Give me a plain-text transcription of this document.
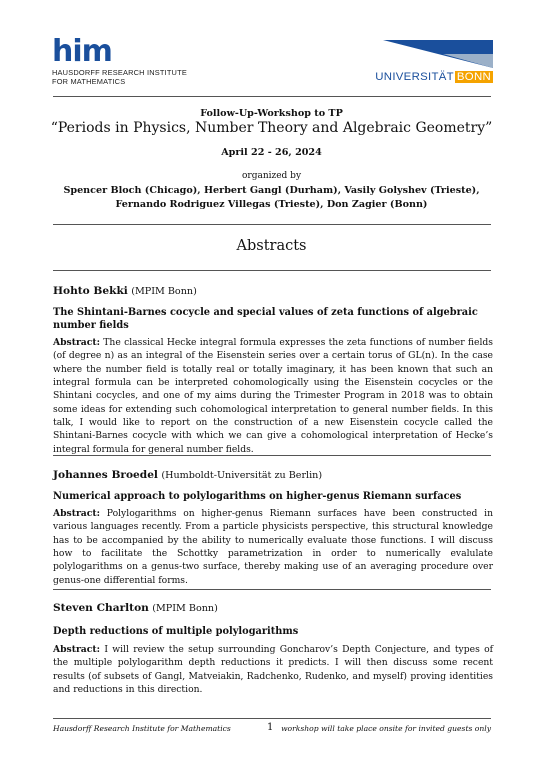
him
HAUSDORFF RESEARCH INSTITUTE
FOR MATHEMATICS	UNIVERSITÄT BONN
Follow-Up-Workshop to TP
“Periods in Physics, Number Theory and Algebraic Geometry”
April 22 - 26, 2024
organized by
Spencer Bloch (Chicago), Herbert Gangl (Durham), Vasily Golyshev (Trieste),
Fernando Rodriguez Villegas (Trieste), Don Zagier (Bonn)
Abstracts
Hohto Bekki (MPIM Bonn)
The Shintani-Barnes cocycle and special values of zeta functions of algebraic number fields
Abstract: The classical Hecke integral formula expresses the zeta functions of number fields (of degree n) as an integral of the Eisenstein series over a certain torus of GL(n). In the case where the number field is totally real or totally imaginary, it has been known that such an integral formula can be interpreted cohomologically using the Eisenstein cocycles or the Shintani cocycles, and one of my aims during the Trimester Program in 2018 was to obtain some ideas for extending such cohomological interpretation to general number fields. In this talk, I would like to report on the construction of a new Eisenstein cocycle called the Shintani-Barnes cocycle with which we can give a cohomological interpretation of Hecke’s integral formula for general number fields.
Johannes Broedel (Humboldt-Universität zu Berlin)
Numerical approach to polylogarithms on higher-genus Riemann surfaces
Abstract: Polylogarithms on higher-genus Riemann surfaces have been constructed in various languages recently. From a particle physicists perspective, this structural knowledge has to be accompanied by the ability to numerically evaluate those functions. I will discuss how to facilitate the Schottky parametrization in order to numerically evalulate polylogarithms on a genus-two surface, thereby making use of an averaging procedure over genus-one differential forms.
Steven Charlton (MPIM Bonn)
Depth reductions of multiple polylogarithms
Abstract: I will review the setup surrounding Goncharov’s Depth Conjecture, and types of the multiple polylogarithm depth reductions it predicts. I will then discuss some recent results (of subsets of Gangl, Matveiakin, Radchenko, Rudenko, and myself) proving identities and reductions in this direction.
Hausdorff Research Institute for Mathematics	1 workshop will take place onsite for invited guests only
